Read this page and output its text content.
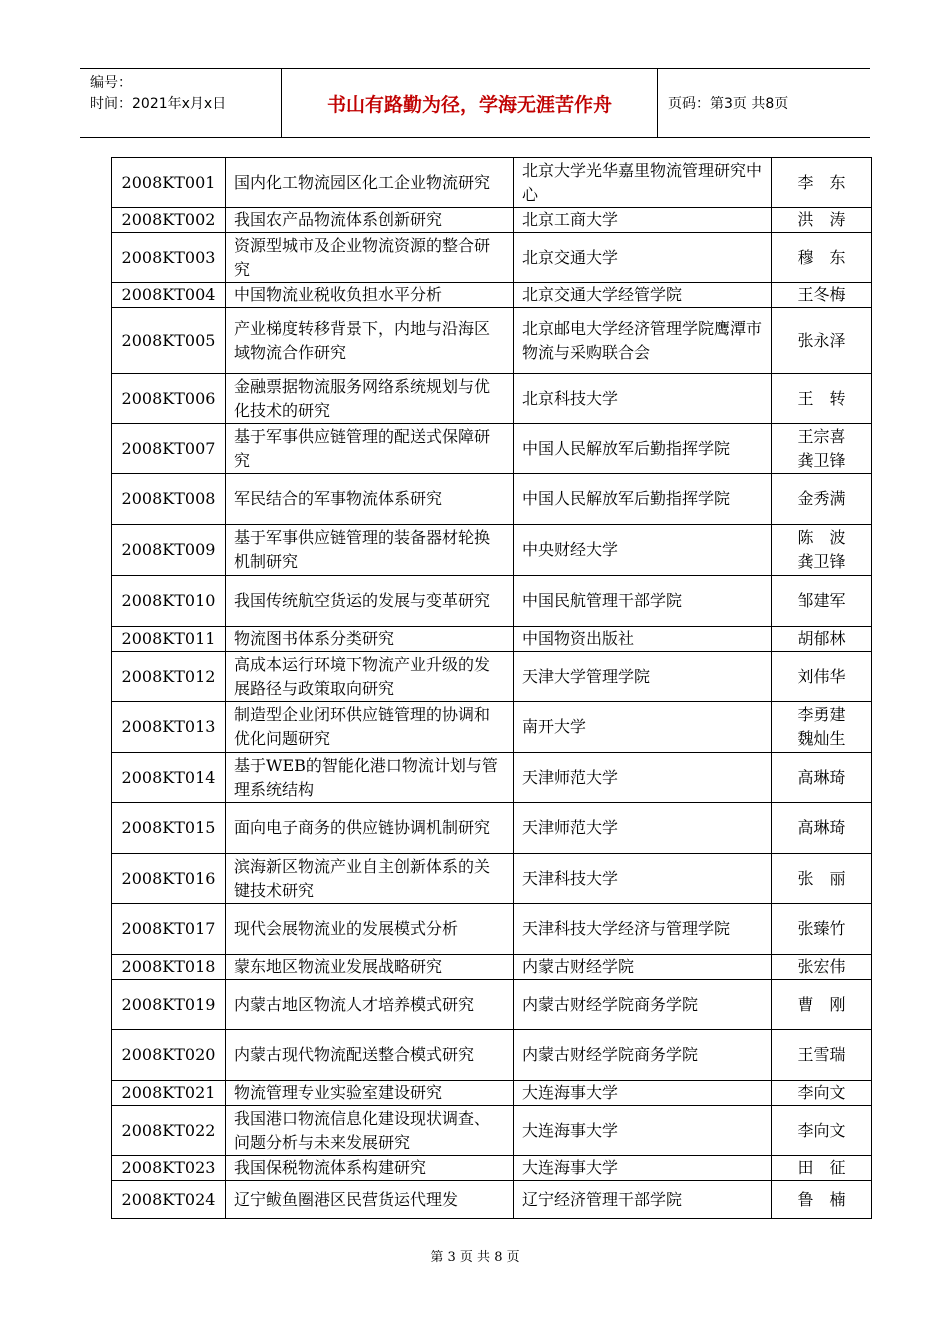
编号：
时间：2021年x月x日	书山有路勤为径，学海无涯苦作舟	页码：第3页 共8页
2008KT001	国内化工物流园区化工企业物流研究	北京大学光华嘉里物流管理研究中心	李　东

2008KT002	我国农产品物流体系创新研究	北京工商大学	洪　涛

2008KT003	资源型城市及企业物流资源的整合研究	北京交通大学	穆　东

2008KT004	中国物流业税收负担水平分析	北京交通大学经管学院	王冬梅

2008KT005	产业梯度转移背景下，内地与沿海区域物流合作研究	北京邮电大学经济管理学院鹰潭市物流与采购联合会	张永泽

2008KT006	金融票据物流服务网络系统规划与优化技术的研究	北京科技大学	王　转

2008KT007	基于军事供应链管理的配送式保障研究	中国人民解放军后勤指挥学院	王宗喜
龚卫锋

2008KT008	军民结合的军事物流体系研究	中国人民解放军后勤指挥学院	金秀满

2008KT009	基于军事供应链管理的装备器材轮换机制研究	中央财经大学	陈　波
龚卫锋

2008KT010	我国传统航空货运的发展与变革研究	中国民航管理干部学院	邹建军

2008KT011	物流图书体系分类研究	中国物资出版社	胡郁林

2008KT012	高成本运行环境下物流产业升级的发展路径与政策取向研究	天津大学管理学院	刘伟华

2008KT013	制造型企业闭环供应链管理的协调和优化问题研究	南开大学	李勇建
魏灿生

2008KT014	基于WEB的智能化港口物流计划与管理系统结构	天津师范大学	高琳琦

2008KT015	面向电子商务的供应链协调机制研究	天津师范大学	高琳琦

2008KT016	滨海新区物流产业自主创新体系的关键技术研究	天津科技大学	张　丽

2008KT017	现代会展物流业的发展模式分析	天津科技大学经济与管理学院	张臻竹

2008KT018	蒙东地区物流业发展战略研究	内蒙古财经学院	张宏伟

2008KT019	内蒙古地区物流人才培养模式研究	内蒙古财经学院商务学院	曹　刚

2008KT020	内蒙古现代物流配送整合模式研究	内蒙古财经学院商务学院	王雪瑞

2008KT021	物流管理专业实验室建设研究	大连海事大学	李向文

2008KT022	我国港口物流信息化建设现状调查、问题分析与未来发展研究	大连海事大学	李向文

2008KT023	我国保税物流体系构建研究	大连海事大学	田　征

2008KT024	辽宁鲅鱼圈港区民营货运代理发	辽宁经济管理干部学院	鲁　楠
第 3 页 共 8 页
